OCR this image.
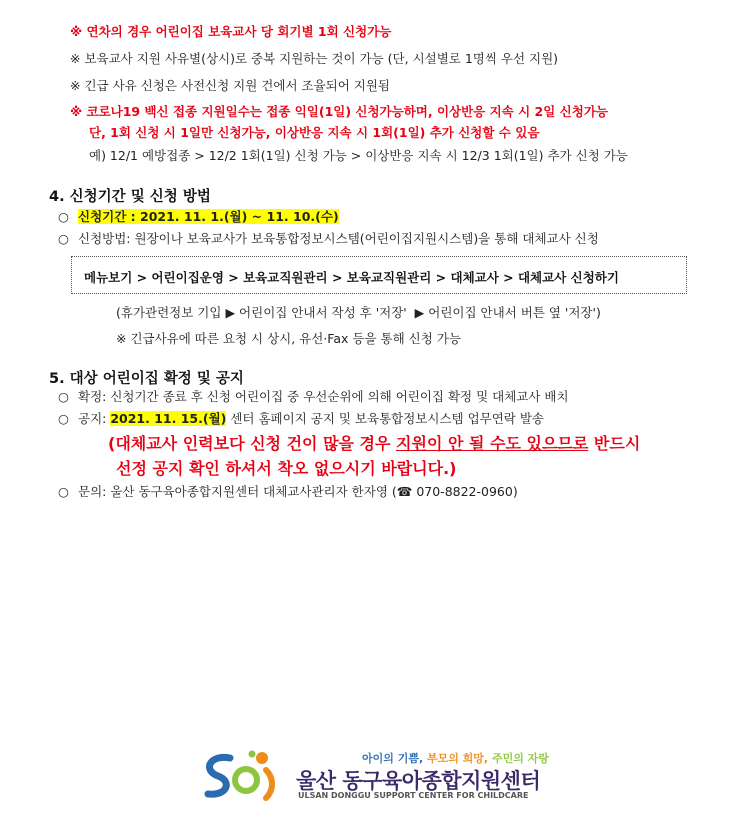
※ 연차의 경우 어린이집 보육교사 당 회기별 1회 신청가능
※ 보육교사 지원 사유별(상시)로 중복 지원하는 것이 가능 (단, 시설별로 1명씩 우선 지원)
※ 긴급 사유 신청은 사전신청 지원 건에서 조율되어 지원됨
※ 코로나19 백신 접종 지원일수는 접종 익일(1일) 신청가능하며, 이상반응 지속 시 2일 신청가능
단, 1회 신청 시 1일만 신청가능, 이상반응 지속 시 1회(1일) 추가 신청할 수 있음
예) 12/1 예방접종 > 12/2 1회(1일) 신청 가능 > 이상반응 지속 시 12/3 1회(1일) 추가 신청 가능
4. 신청기간 및 신청 방법
○ 신청기간 : 2021. 11. 1.(월) ~ 11. 10.(수)
○ 신청방법: 원장이나 보육교사가 보육통합정보시스템(어린이집지원시스템)을 통해 대체교사 신청
메뉴보기 > 어린이집운영 > 보육교직원관리 > 보육교직원관리 > 대체교사 > 대체교사 신청하기
(휴가관련정보 기입 ▶ 어린이집 안내서 작성 후 '저장'  ▶ 어린이집 안내서 버튼 옆 '저장')
※ 긴급사유에 따른 요청 시 상시, 유선·Fax 등을 통해 신청 가능
5. 대상 어린이집 확정 및 공지
○ 확정: 신청기간 종료 후 신청 어린이집 중 우선순위에 의해 어린이집 확정 및 대체교사 배치
○ 공지: 2021. 11. 15.(월) 센터 홈페이지 공지 및 보육통합정보시스템 업무연락 발송
(대체교사 인력보다 신청 건이 많을 경우 지원이 안 될 수도 있으므로 반드시
선정 공지 확인 하셔서 착오 없으시기 바랍니다.)
○ 문의: 울산 동구육아종합지원센터 대체교사관리자 한자영 (☎ 070-8822-0960)
아이의 기쁨, 부모의 희망, 주민의 자랑
울산 동구육아종합지원센터
ULSAN DONGGU SUPPORT CENTER FOR CHILDCARE
